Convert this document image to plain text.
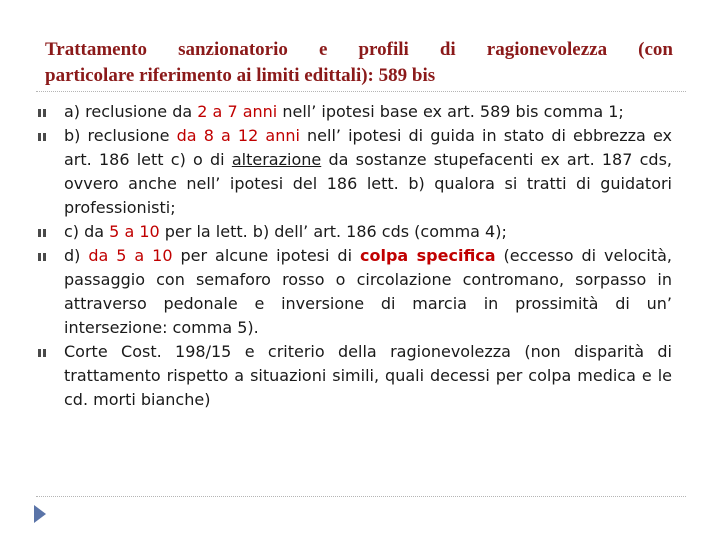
Trattamento sanzionatorio e profili di ragionevolezza (con
particolare riferimento ai limiti edittali): 589 bis
a) reclusione da 2 a 7 anni nell’ ipotesi base ex art. 589 bis comma 1;
b) reclusione da 8 a 12 anni nell’ ipotesi di guida in stato di ebbrezza ex art. 186 lett c) o di alterazione da sostanze stupefacenti ex art. 187 cds, ovvero anche nell’ ipotesi del 186 lett. b) qualora si tratti di guidatori professionisti;
c) da 5 a 10 per la lett. b) dell’ art. 186 cds (comma 4);
d) da 5 a 10 per alcune ipotesi di colpa specifica (eccesso di velocità, passaggio con semaforo rosso o circolazione contromano, sorpasso in attraverso pedonale e inversione di marcia in prossimità di un’ intersezione: comma 5).
Corte Cost. 198/15 e criterio della ragionevolezza (non disparità di trattamento rispetto a situazioni simili, quali decessi per colpa medica e le cd. morti bianche)
